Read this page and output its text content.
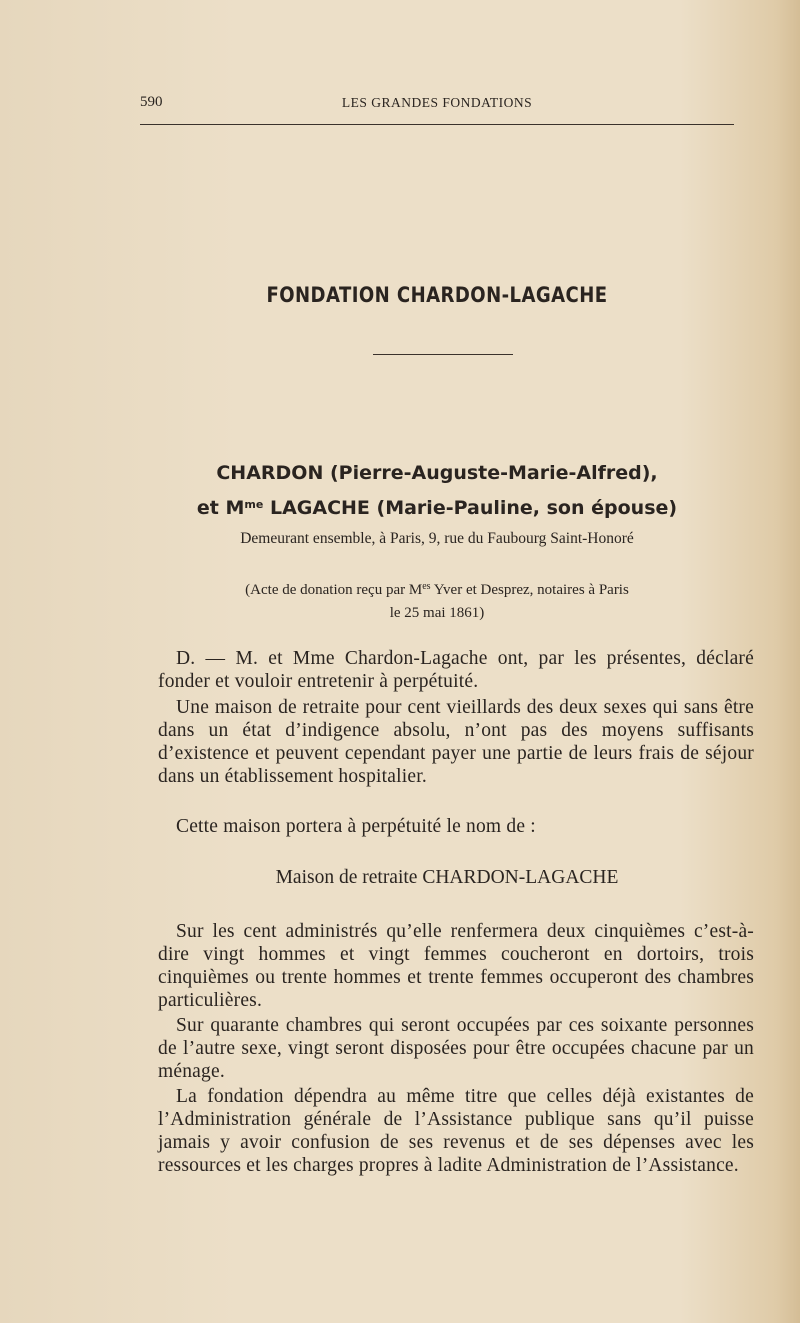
590	LES GRANDES FONDATIONS
FONDATION CHARDON-LAGACHE
CHARDON (Pierre-Auguste-Marie-Alfred),
et $M^{me}$ LAGACHE (Marie-Pauline, son épouse)
Demeurant ensemble, à Paris, 9, rue du Faubourg Saint-Honoré
(Acte de donation reçu par $M^{es}$ Yver et Desprez, notaires à Paris
le 25 mai 1861)

D. — M. et Mme Chardon-Lagache ont, par les présentes, déclaré fonder et vouloir entretenir à perpétuité.

Une maison de retraite pour cent vieillards des deux sexes qui sans être dans un état d’indigence absolu, n’ont pas des moyens suffisants d’existence et peuvent cependant payer une partie de leurs frais de séjour dans un établissement hospitalier.

Cette maison portera à perpétuité le nom de :

Maison de retraite CHARDON-LAGACHE

Sur les cent administrés qu’elle renfermera deux cinquièmes c’est-à-dire vingt hommes et vingt femmes coucheront en dortoirs, trois cinquièmes ou trente hommes et trente femmes occuperont des chambres particulières.

Sur quarante chambres qui seront occupées par ces soixante personnes de l’autre sexe, vingt seront disposées pour être occupées chacune par un ménage.

La fondation dépendra au même titre que celles déjà existantes de l’Administration générale de l’Assistance publique sans qu’il puisse jamais y avoir confusion de ses revenus et de ses dépenses avec les ressources et les charges propres à ladite Administration de l’Assistance.
